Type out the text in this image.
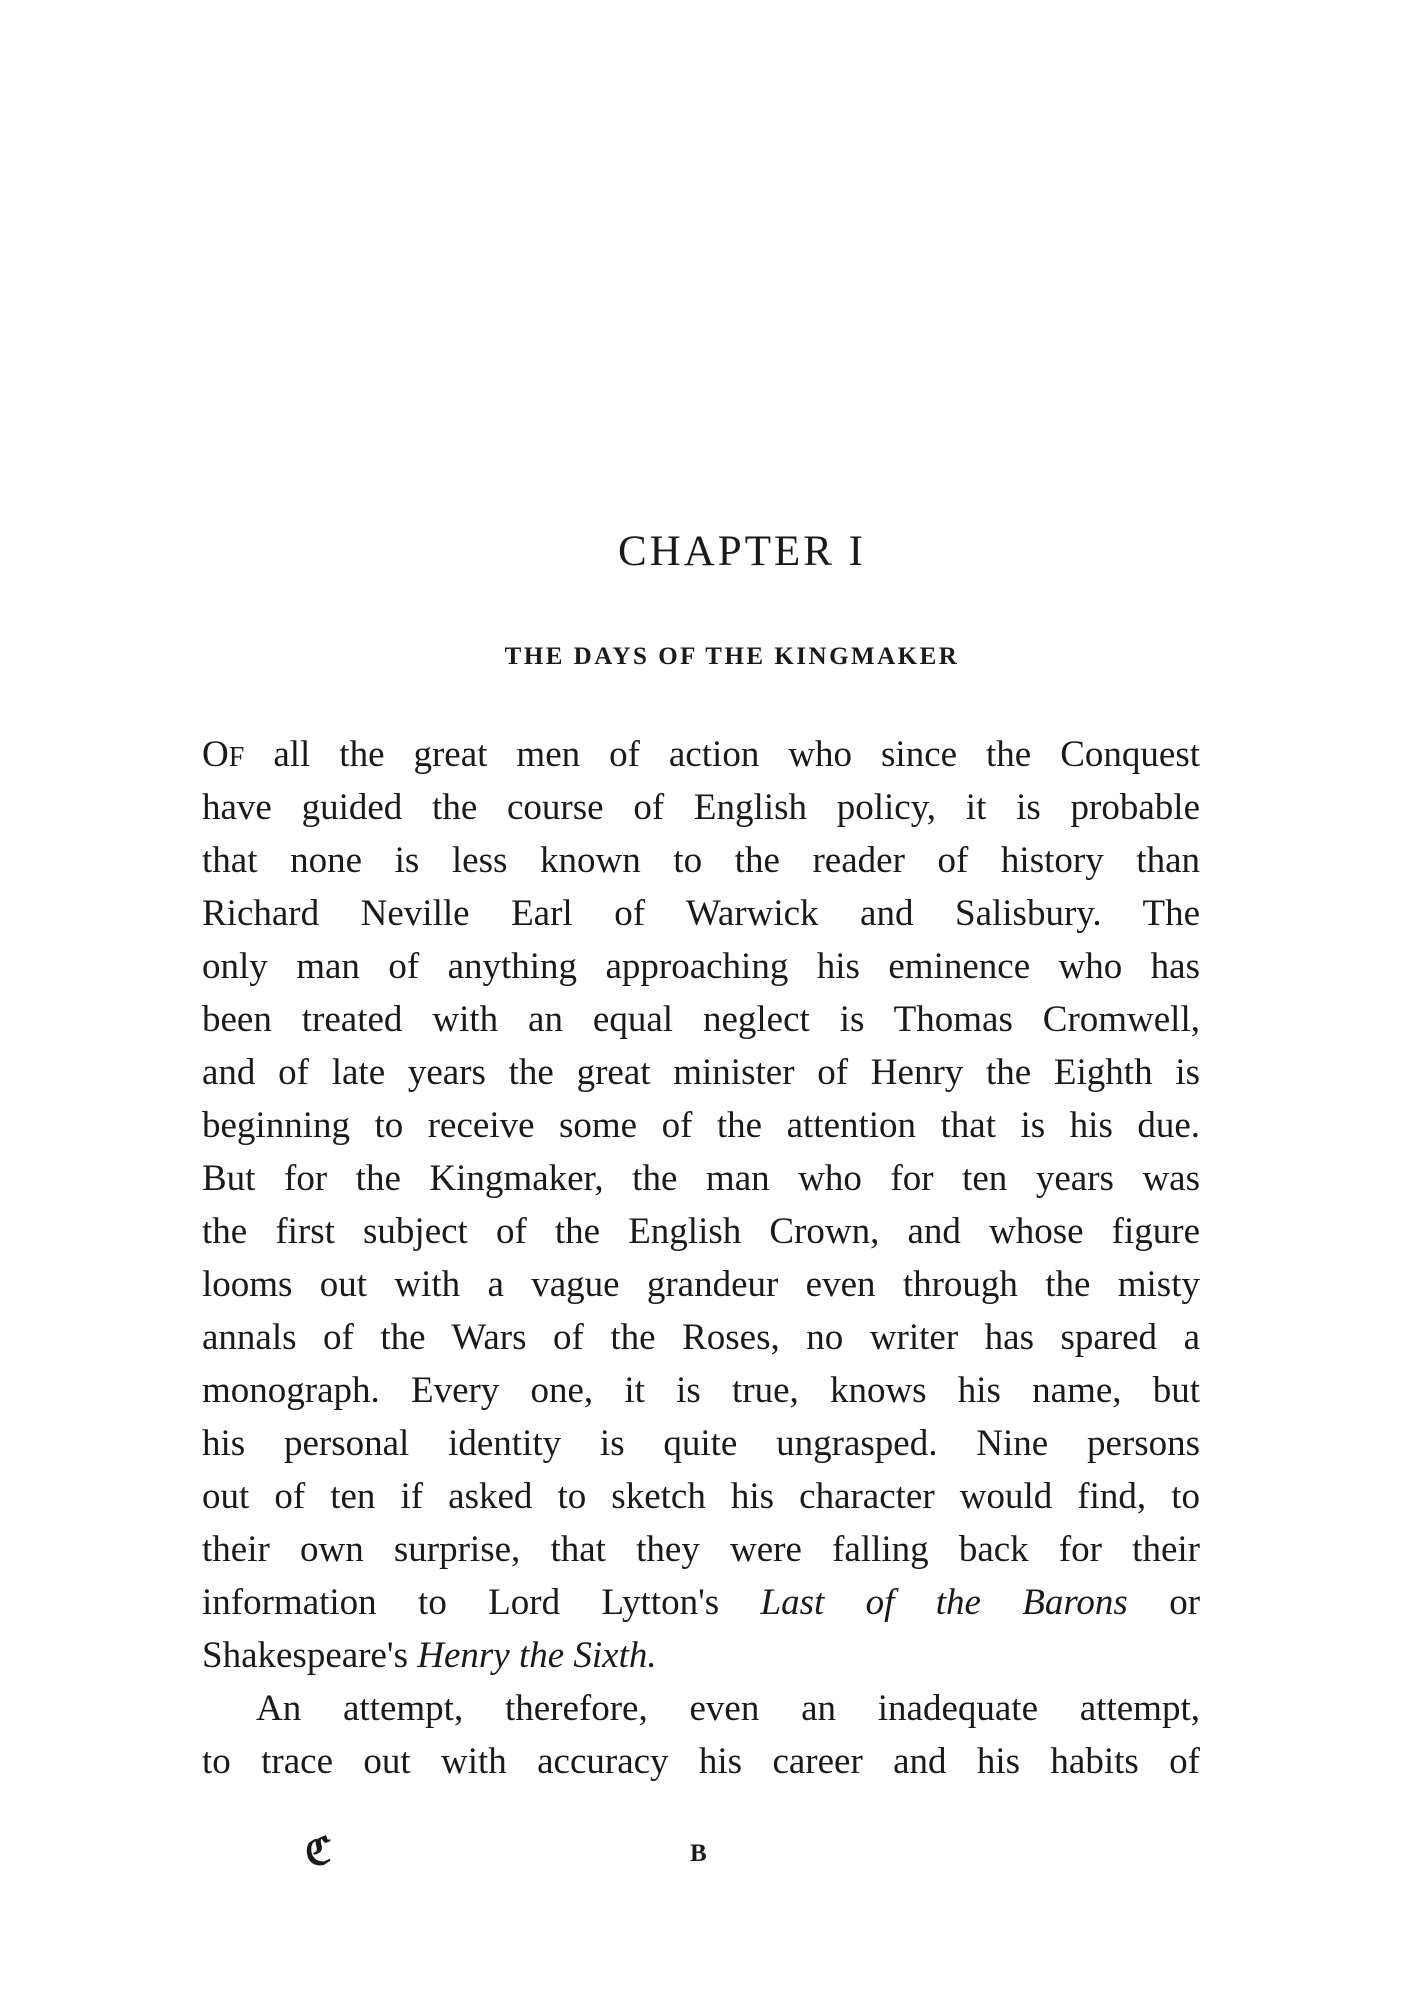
CHAPTER I
THE DAYS OF THE KINGMAKER
OF all the great men of action who since the Conquest
have guided the course of English policy, it is probable
that none is less known to the reader of history than
Richard Neville Earl of Warwick and Salisbury. The
only man of anything approaching his eminence who has
been treated with an equal neglect is Thomas Cromwell,
and of late years the great minister of Henry the Eighth is
beginning to receive some of the attention that is his due.
But for the Kingmaker, the man who for ten years was
the first subject of the English Crown, and whose figure
looms out with a vague grandeur even through the misty
annals of the Wars of the Roses, no writer has spared a
monograph. Every one, it is true, knows his name, but
his personal identity is quite ungrasped. Nine persons
out of ten if asked to sketch his character would find, to
their own surprise, that they were falling back for their
information to Lord Lytton's Last of the Barons or
Shakespeare's Henry the Sixth.
An attempt, therefore, even an inadequate attempt,
to trace out with accuracy his career and his habits of
ℭ	B
